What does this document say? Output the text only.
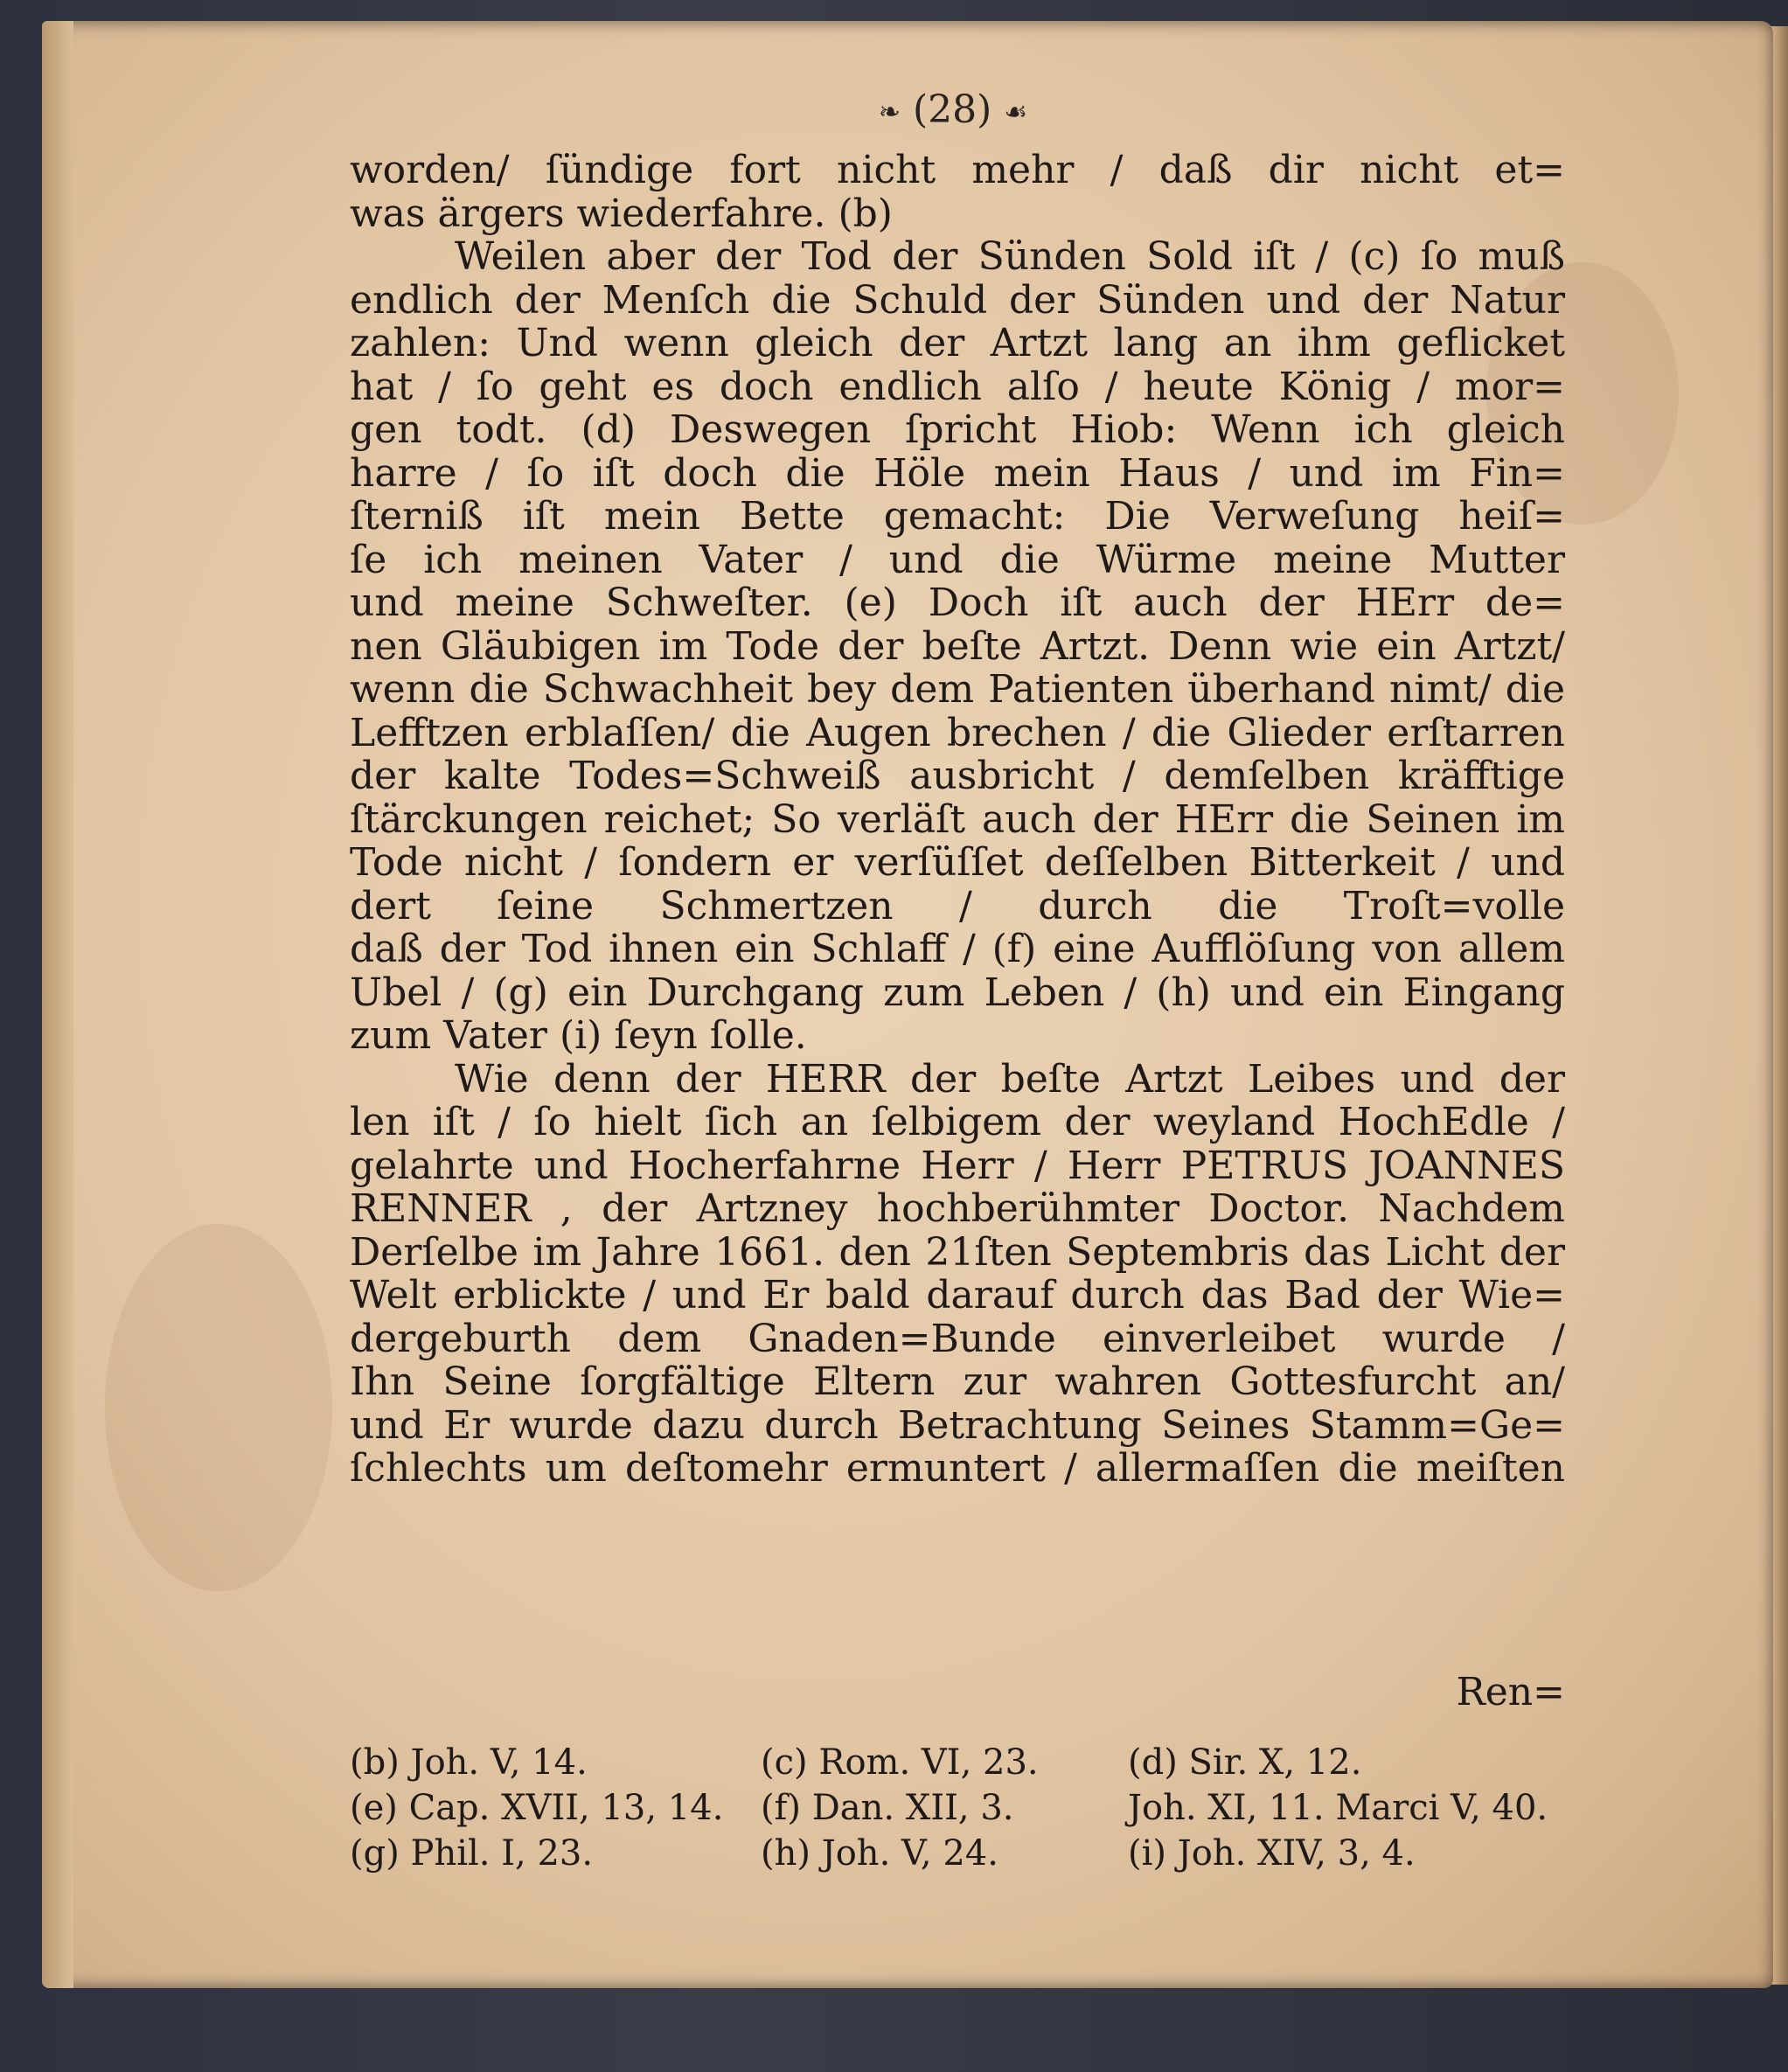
❧ (28) ☙
worden/ ſündige fort nicht mehr / daß dir nicht et=
was ärgers wiederfahre. (b)
Weilen aber der Tod der Sünden Sold iſt / (c) ſo muß
endlich der Menſch die Schuld der Sünden und der Natur
zahlen: Und wenn gleich der Artzt lang an ihm geflicket
hat / ſo geht es doch endlich alſo / heute König / mor=
gen todt. (d) Deswegen ſpricht Hiob: Wenn ich gleich
harre / ſo iſt doch die Höle mein Haus / und im Fin=
ſterniß iſt mein Bette gemacht: Die Verweſung heiſ=
ſe ich meinen Vater / und die Würme meine Mutter
und meine Schweſter. (e) Doch iſt auch der HErr de=
nen Gläubigen im Tode der beſte Artzt. Denn wie ein Artzt/
wenn die Schwachheit bey dem Patienten überhand nimt/ die
Lefftzen erblaſſen/ die Augen brechen / die Glieder erſtarren
der kalte Todes=Schweiß ausbricht / demſelben kräfftige
ſtärckungen reichet; So verläſt auch der HErr die Seinen im
Tode nicht / ſondern er verſüſſet deſſelben Bitterkeit / und
dert ſeine Schmertzen / durch die Troſt=volle
daß der Tod ihnen ein Schlaff / (f) eine Aufflöſung von allem
Ubel / (g) ein Durchgang zum Leben / (h) und ein Eingang
zum Vater (i) ſeyn ſolle.
Wie denn der HERR der beſte Artzt Leibes und der
len iſt / ſo hielt ſich an ſelbigem der weyland HochEdle /
gelahrte und Hocherfahrne Herr / Herr PETRUS JOANNES
RENNER , der Artzney hochberühmter Doctor. Nachdem
Derſelbe im Jahre 1661. den 21ſten Septembris das Licht der
Welt erblickte / und Er bald darauf durch das Bad der Wie=
dergeburth dem Gnaden=Bunde einverleibet wurde /
Ihn Seine ſorgfältige Eltern zur wahren Gottesfurcht an/
und Er wurde dazu durch Betrachtung Seines Stamm=Ge=
ſchlechts um deſtomehr ermuntert / allermaſſen die meiſten
Ren=
(b) Joh. V, 14.	(c) Rom. VI, 23.	(d) Sir. X, 12.
(e) Cap. XVII, 13, 14.	(f) Dan. XII, 3.	Joh. XI, 11. Marci V, 40.
(g) Phil. I, 23.	(h) Joh. V, 24.	(i) Joh. XIV, 3, 4.
